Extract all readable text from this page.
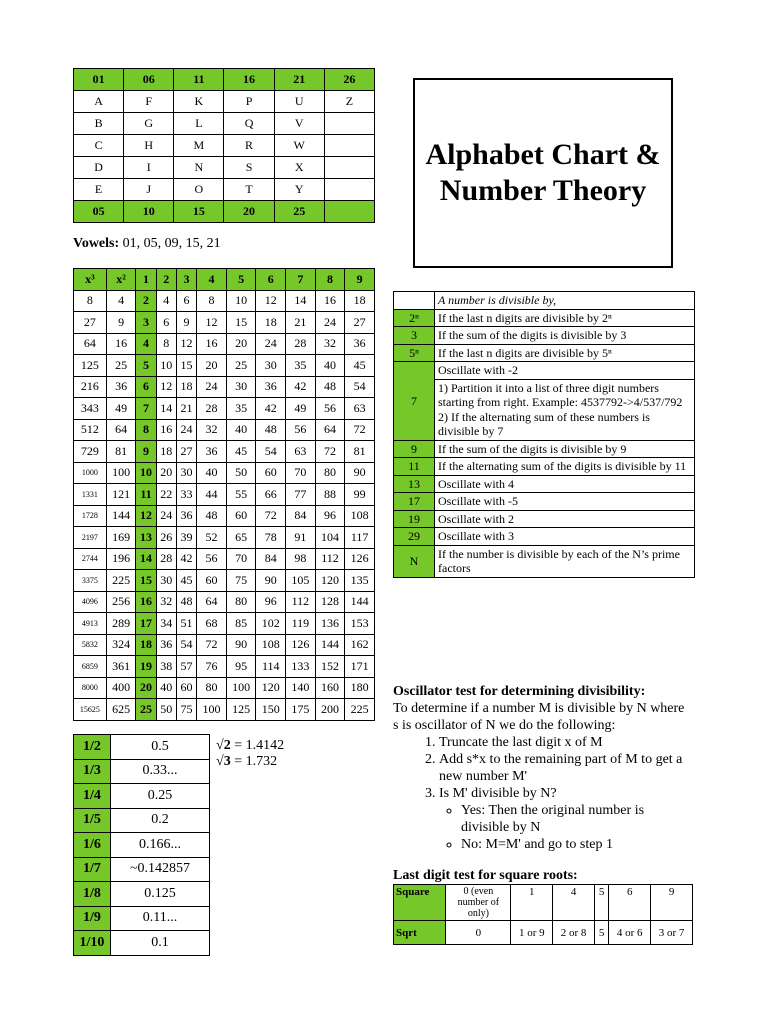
01	06	11	16	21	26
A	F	K	P	U	Z
B	G	L	Q	V	
C	H	M	R	W	
D	I	N	S	X	
E	J	O	T	Y	
05	10	15	20	25	
Alphabet Chart & Number Theory
Vowels: 01, 05, 09, 15, 21
x³	x²	1	2	3	4	5	6	7	8	9
8	4	2	4	6	8	10	12	14	16	18
27	9	3	6	9	12	15	18	21	24	27
64	16	4	8	12	16	20	24	28	32	36
125	25	5	10	15	20	25	30	35	40	45
216	36	6	12	18	24	30	36	42	48	54
343	49	7	14	21	28	35	42	49	56	63
512	64	8	16	24	32	40	48	56	64	72
729	81	9	18	27	36	45	54	63	72	81
1000	100	10	20	30	40	50	60	70	80	90
1331	121	11	22	33	44	55	66	77	88	99
1728	144	12	24	36	48	60	72	84	96	108
2197	169	13	26	39	52	65	78	91	104	117
2744	196	14	28	42	56	70	84	98	112	126
3375	225	15	30	45	60	75	90	105	120	135
4096	256	16	32	48	64	80	96	112	128	144
4913	289	17	34	51	68	85	102	119	136	153
5832	324	18	36	54	72	90	108	126	144	162
6859	361	19	38	57	76	95	114	133	152	171
8000	400	20	40	60	80	100	120	140	160	180
15625	625	25	50	75	100	125	150	175	200	225
	A number is divisible by,
2ⁿ	If the last n digits are divisible by 2ⁿ
3	If the sum of the digits is divisible by 3
5ⁿ	If the last n digits are divisible by 5ⁿ
7	Oscillate with -2
	1) Partition it into a list of three digit numbers starting from right. Example: 4537792->4/537/792
2) If the alternating sum of these numbers is divisible by 7
9	If the sum of the digits is divisible by 9
11	If the alternating sum of the digits is divisible by 11
13	Oscillate with 4
17	Oscillate with -5
19	Oscillate with 2
29	Oscillate with 3
N	If the number is divisible by each of the N’s prime factors
Oscillator test for determining divisibility:
To determine if a number M is divisible by N where s is oscillator of N we do the following:
1. Truncate the last digit x of M
2. Add s*x to the remaining part of M to get a new number M'
3. Is M' divisible by N?
◦ Yes: Then the original number is divisible by N
◦ No: M=M' and go to step 1
1/2	0.5
1/3	0.33...
1/4	0.25
1/5	0.2
1/6	0.166...
1/7	~0.142857
1/8	0.125
1/9	0.11...
1/10	0.1
√2 = 1.4142
√3 = 1.732
Last digit test for square roots:
Square	0 (even number of only)	1	4	5	6	9
Sqrt	0	1 or 9	2 or 8	5	4 or 6	3 or 7
